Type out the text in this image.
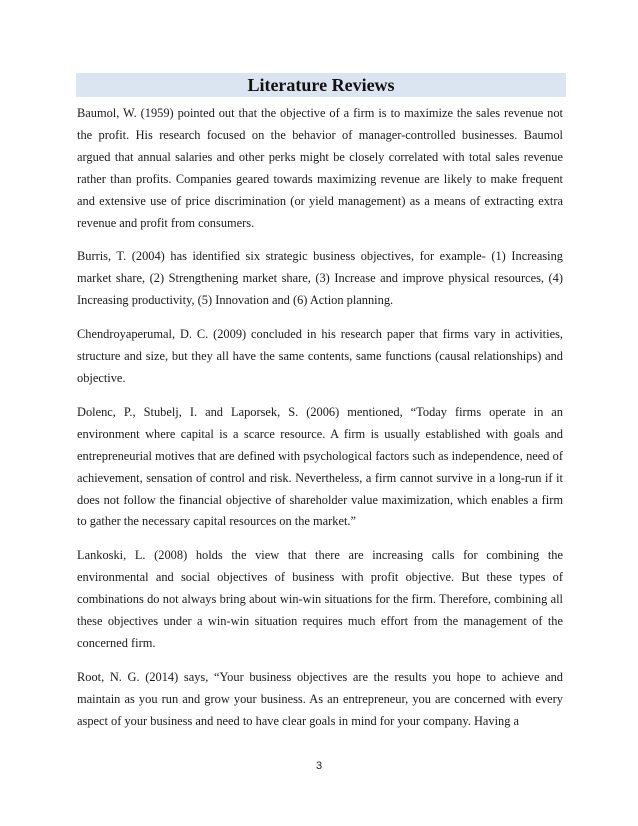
Literature Reviews

Baumol, W. (1959) pointed out that the objective of a firm is to maximize the sales revenue not the profit. His research focused on the behavior of manager-controlled businesses. Baumol argued that annual salaries and other perks might be closely correlated with total sales revenue rather than profits. Companies geared towards maximizing revenue are likely to make frequent and extensive use of price discrimination (or yield management) as a means of extracting extra revenue and profit from consumers.

Burris, T. (2004) has identified six strategic business objectives, for example- (1) Increasing market share, (2) Strengthening market share, (3) Increase and improve physical resources, (4) Increasing productivity, (5) Innovation and (6) Action planning.

Chendroyaperumal, D. C. (2009) concluded in his research paper that firms vary in activities, structure and size, but they all have the same contents, same functions (causal relationships) and objective.

Dolenc, P., Stubelj, I. and Laporsek, S. (2006) mentioned, “Today firms operate in an environment where capital is a scarce resource. A firm is usually established with goals and entrepreneurial motives that are defined with psychological factors such as independence, need of achievement, sensation of control and risk. Nevertheless, a firm cannot survive in a long-run if it does not follow the financial objective of shareholder value maximization, which enables a firm to gather the necessary capital resources on the market.”

Lankoski, L. (2008) holds the view that there are increasing calls for combining the environmental and social objectives of business with profit objective. But these types of combinations do not always bring about win-win situations for the firm. Therefore, combining all these objectives under a win-win situation requires much effort from the management of the concerned firm.

Root, N. G. (2014) says, “Your business objectives are the results you hope to achieve and maintain as you run and grow your business. As an entrepreneur, you are concerned with every aspect of your business and need to have clear goals in mind for your company. Having a

3
